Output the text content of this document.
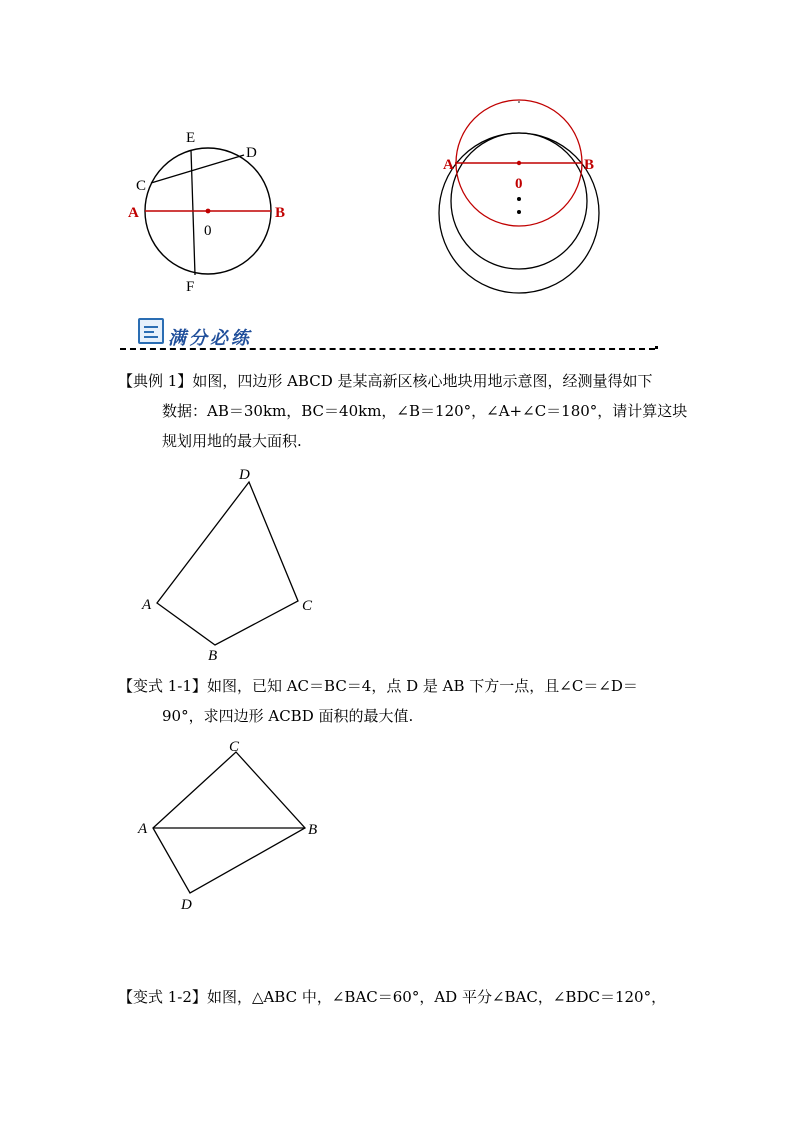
E
D
C
A	B
0
F
A	B
0
满分必练
【典例 1】如图，四边形 ABCD 是某高新区核心地块用地示意图，经测量得如下
数据：AB＝30km，BC＝40km，∠B＝120°，∠A+∠C＝180°，请计算这块
规划用地的最大面积.
D
A	C
B
【变式 1-1】如图，已知 AC＝BC＝4，点 D 是 AB 下方一点，且∠C＝∠D＝
90°，求四边形 ACBD 面积的最大值.
C
A	B
D
【变式 1-2】如图，△ABC 中，∠BAC＝60°，AD 平分∠BAC，∠BDC＝120°，
